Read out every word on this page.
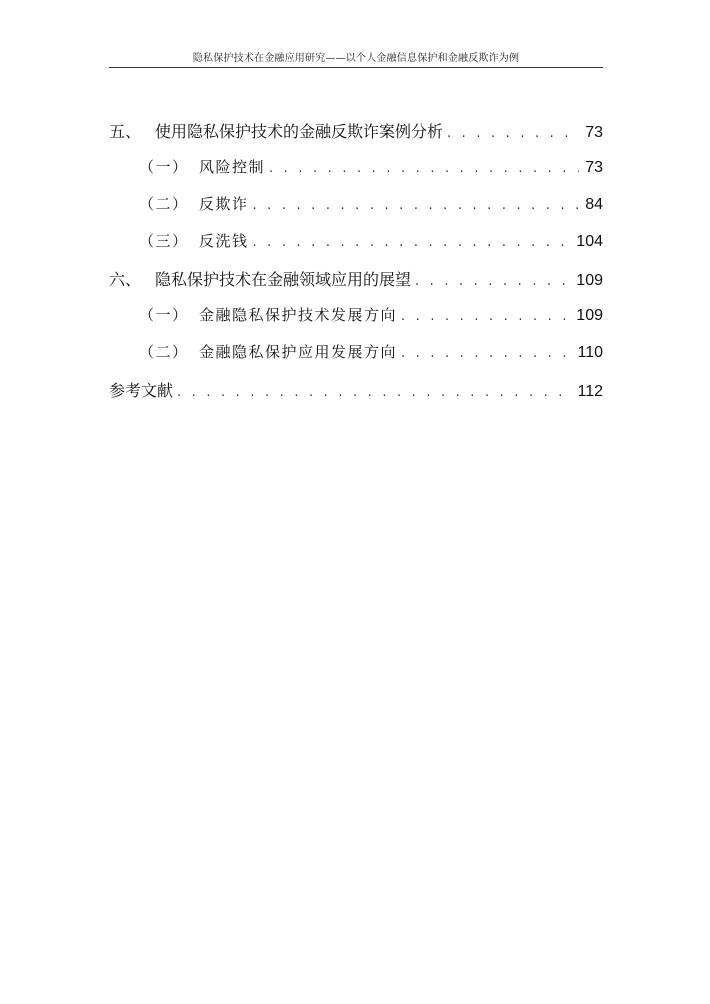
隐私保护技术在金融应用研究——以个人金融信息保护和金融反欺诈为例
五、 使用隐私保护技术的金融反欺诈案例分析 . . .	73
（一） 风险控制 . . .	73
（二） 反欺诈 . . .	84
（三） 反洗钱 . . .	104
六、 隐私保护技术在金融领域应用的展望 . . .	109
（一） 金融隐私保护技术发展方向 . . .	109
（二） 金融隐私保护应用发展方向 . . .	110
参考文献 . . .	112
